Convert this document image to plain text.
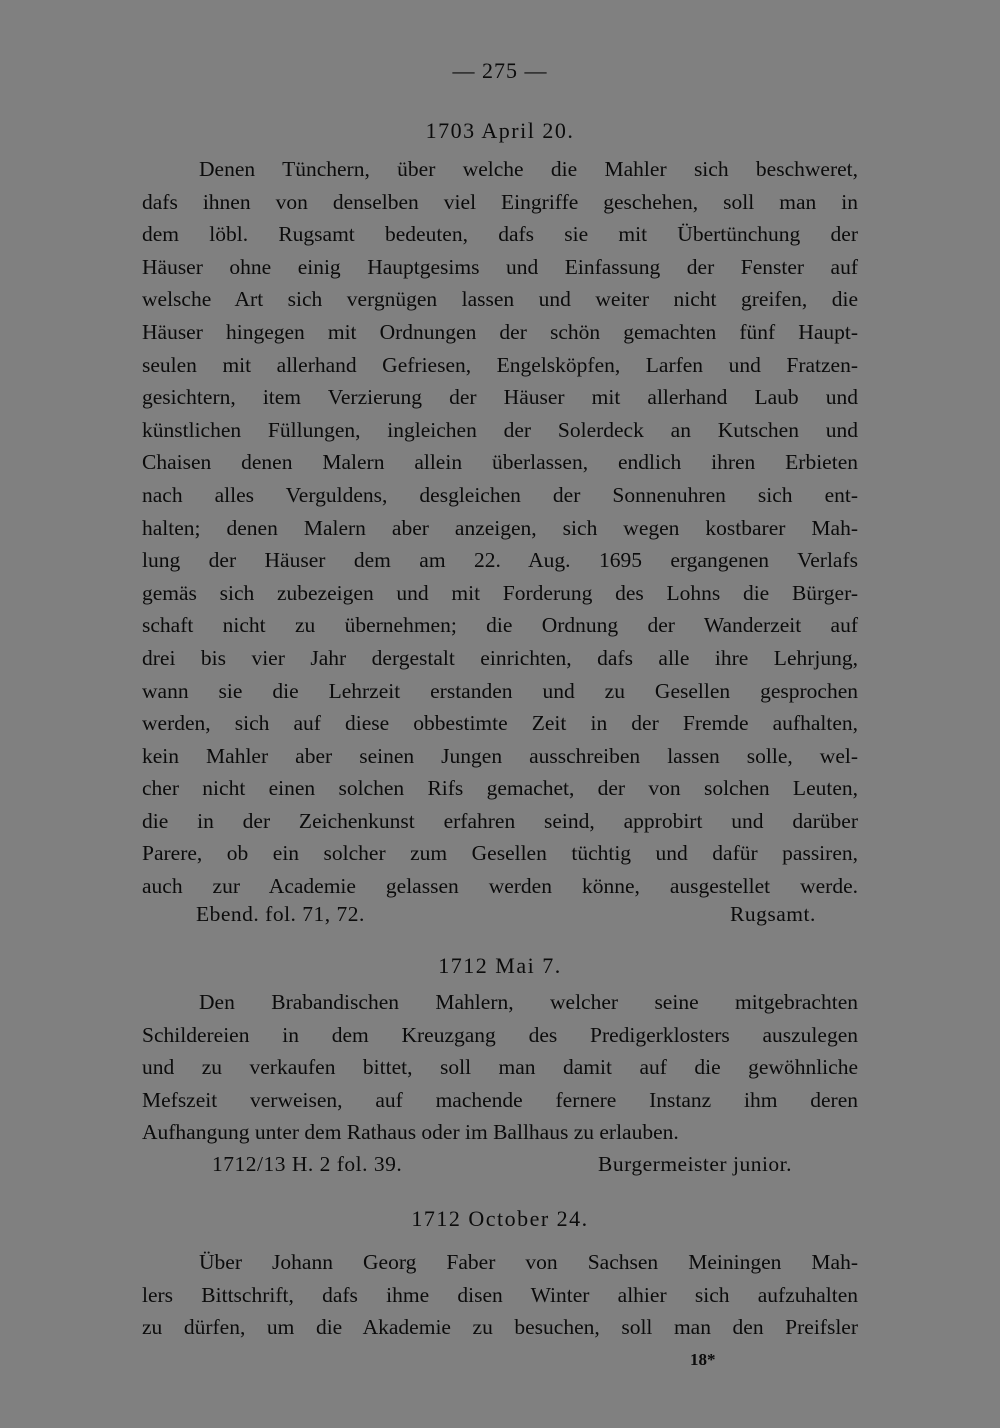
— 275 —
1703 April 20.
Denen Tünchern, über welche die Mahler sich beschweret,
dafs ihnen von denselben viel Eingriffe geschehen, soll man in
dem löbl. Rugsamt bedeuten, dafs sie mit Übertünchung der
Häuser ohne einig Hauptgesims und Einfassung der Fenster auf
welsche Art sich vergnügen lassen und weiter nicht greifen, die
Häuser hingegen mit Ordnungen der schön gemachten fünf Haupt-
seulen mit allerhand Gefriesen, Engelsköpfen, Larfen und Fratzen-
gesichtern, item Verzierung der Häuser mit allerhand Laub und
künstlichen Füllungen, ingleichen der Solerdeck an Kutschen und
Chaisen denen Malern allein überlassen, endlich ihren Erbieten
nach alles Verguldens, desgleichen der Sonnenuhren sich ent-
halten; denen Malern aber anzeigen, sich wegen kostbarer Mah-
lung der Häuser dem am 22. Aug. 1695 ergangenen Verlafs
gemäs sich zubezeigen und mit Forderung des Lohns die Bürger-
schaft nicht zu übernehmen; die Ordnung der Wanderzeit auf
drei bis vier Jahr dergestalt einrichten, dafs alle ihre Lehrjung,
wann sie die Lehrzeit erstanden und zu Gesellen gesprochen
werden, sich auf diese obbestimte Zeit in der Fremde aufhalten,
kein Mahler aber seinen Jungen ausschreiben lassen solle, wel-
cher nicht einen solchen Rifs gemachet, der von solchen Leuten,
die in der Zeichenkunst erfahren seind, approbirt und darüber
Parere, ob ein solcher zum Gesellen tüchtig und dafür passiren,
auch zur Academie gelassen werden könne, ausgestellet werde.
Ebend. fol. 71, 72.	Rugsamt.
1712 Mai 7.
Den Brabandischen Mahlern, welcher seine mitgebrachten
Schildereien in dem Kreuzgang des Predigerklosters auszulegen
und zu verkaufen bittet, soll man damit auf die gewöhnliche
Mefszeit verweisen, auf machende fernere Instanz ihm deren
Aufhangung unter dem Rathaus oder im Ballhaus zu erlauben.
1712/13 H. 2 fol. 39.	Burgermeister junior.
1712 October 24.
Über Johann Georg Faber von Sachsen Meiningen Mah-
lers Bittschrift, dafs ihme disen Winter alhier sich aufzuhalten
zu dürfen, um die Akademie zu besuchen, soll man den Preifsler
18*
